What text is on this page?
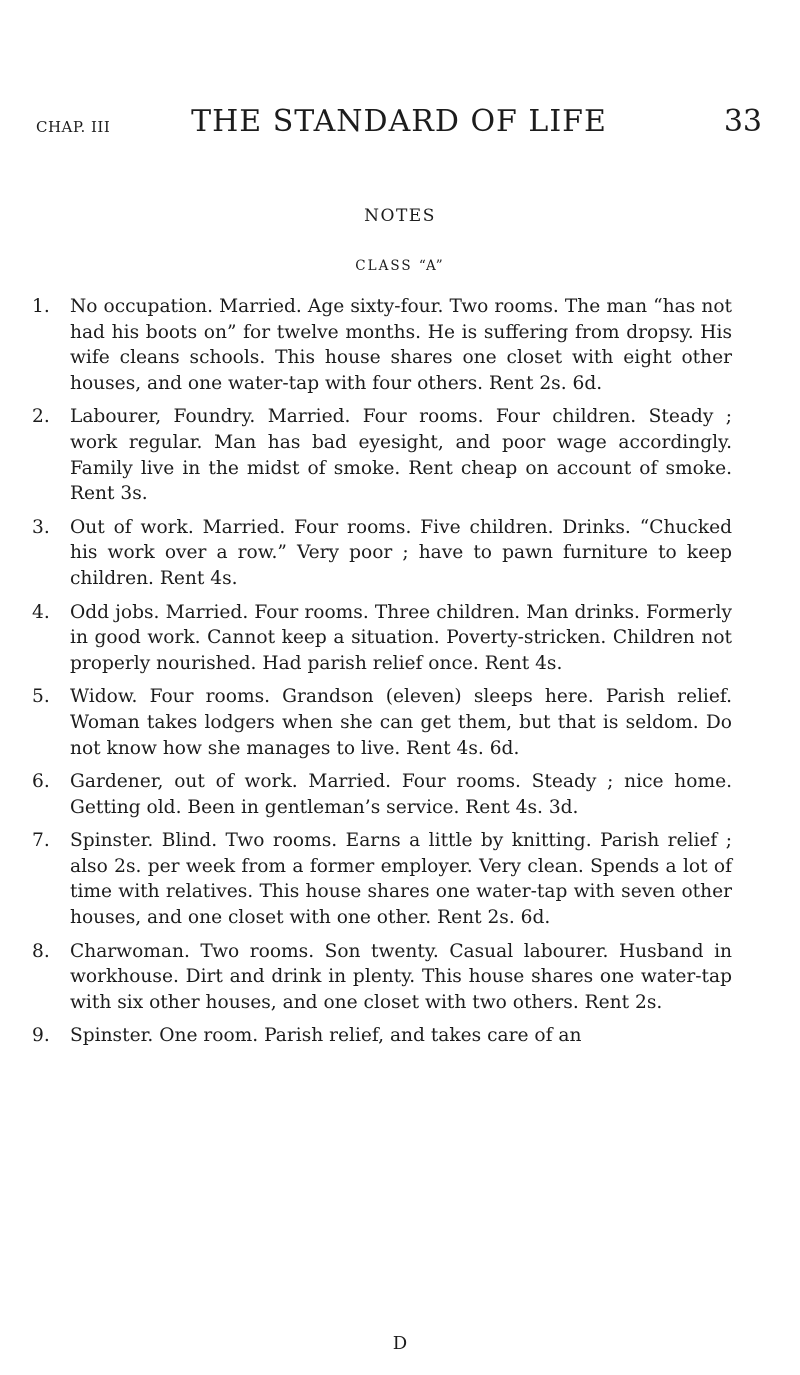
CHAP. III	THE STANDARD OF LIFE	33
NOTES
CLASS “A”
1. No occupation. Married. Age sixty-four. Two rooms. The man “has not had his boots on” for twelve months. He is suffering from dropsy. His wife cleans schools. This house shares one closet with eight other houses, and one water-tap with four others. Rent 2s. 6d.
2. Labourer, Foundry. Married. Four rooms. Four children. Steady ; work regular. Man has bad eyesight, and poor wage accordingly. Family live in the midst of smoke. Rent cheap on account of smoke. Rent 3s.
3. Out of work. Married. Four rooms. Five children. Drinks. “Chucked his work over a row.” Very poor ; have to pawn furniture to keep children. Rent 4s.
4. Odd jobs. Married. Four rooms. Three children. Man drinks. Formerly in good work. Cannot keep a situation. Poverty-stricken. Children not properly nourished. Had parish relief once. Rent 4s.
5. Widow. Four rooms. Grandson (eleven) sleeps here. Parish relief. Woman takes lodgers when she can get them, but that is seldom. Do not know how she manages to live. Rent 4s. 6d.
6. Gardener, out of work. Married. Four rooms. Steady ; nice home. Getting old. Been in gentleman’s service. Rent 4s. 3d.
7. Spinster. Blind. Two rooms. Earns a little by knitting. Parish relief ; also 2s. per week from a former employer. Very clean. Spends a lot of time with relatives. This house shares one water-tap with seven other houses, and one closet with one other. Rent 2s. 6d.
8. Charwoman. Two rooms. Son twenty. Casual labourer. Husband in workhouse. Dirt and drink in plenty. This house shares one water-tap with six other houses, and one closet with two others. Rent 2s.
9. Spinster. One room. Parish relief, and takes care of an
D
